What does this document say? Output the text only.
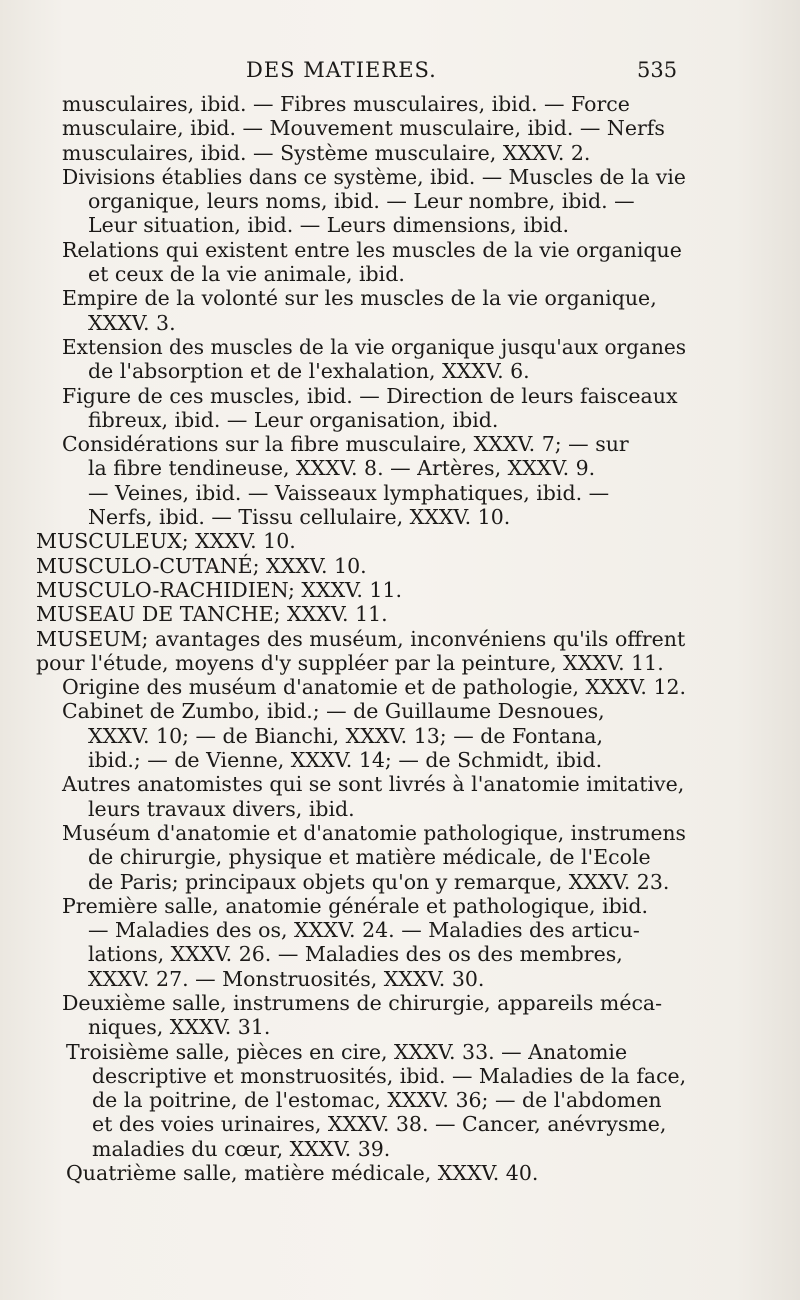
DES MATIERES.	535
musculaires, ibid. — Fibres musculaires, ibid. — Force
musculaire, ibid. — Mouvement musculaire, ibid. — Nerfs
musculaires, ibid. — Système musculaire, XXXV. 2.
Divisions établies dans ce système, ibid. — Muscles de la vie
organique, leurs noms, ibid. — Leur nombre, ibid. —
Leur situation, ibid. — Leurs dimensions, ibid.
Relations qui existent entre les muscles de la vie organique
et ceux de la vie animale, ibid.
Empire de la volonté sur les muscles de la vie organique,
XXXV. 3.
Extension des muscles de la vie organique jusqu'aux organes
de l'absorption et de l'exhalation, XXXV. 6.
Figure de ces muscles, ibid. — Direction de leurs faisceaux
fibreux, ibid. — Leur organisation, ibid.
Considérations sur la fibre musculaire, XXXV. 7; — sur
la fibre tendineuse, XXXV. 8. — Artères, XXXV. 9.
— Veines, ibid. — Vaisseaux lymphatiques, ibid. —
Nerfs, ibid. — Tissu cellulaire, XXXV. 10.
MUSCULEUX; XXXV. 10.
MUSCULO-CUTANÉ; XXXV. 10.
MUSCULO-RACHIDIEN; XXXV. 11.
MUSEAU DE TANCHE; XXXV. 11.
MUSEUM; avantages des muséum, inconvéniens qu'ils offrent
pour l'étude, moyens d'y suppléer par la peinture, XXXV. 11.
Origine des muséum d'anatomie et de pathologie, XXXV. 12.
Cabinet de Zumbo, ibid.; — de Guillaume Desnoues,
XXXV. 10; — de Bianchi, XXXV. 13; — de Fontana,
ibid.; — de Vienne, XXXV. 14; — de Schmidt, ibid.
Autres anatomistes qui se sont livrés à l'anatomie imitative,
leurs travaux divers, ibid.
Muséum d'anatomie et d'anatomie pathologique, instrumens
de chirurgie, physique et matière médicale, de l'Ecole
de Paris; principaux objets qu'on y remarque, XXXV. 23.
Première salle, anatomie générale et pathologique, ibid.
— Maladies des os, XXXV. 24. — Maladies des articu-
lations, XXXV. 26. — Maladies des os des membres,
XXXV. 27. — Monstruosités, XXXV. 30.
Deuxième salle, instrumens de chirurgie, appareils méca-
niques, XXXV. 31.
Troisième salle, pièces en cire, XXXV. 33. — Anatomie
descriptive et monstruosités, ibid. — Maladies de la face,
de la poitrine, de l'estomac, XXXV. 36; — de l'abdomen
et des voies urinaires, XXXV. 38. — Cancer, anévrysme,
maladies du cœur, XXXV. 39.
Quatrième salle, matière médicale, XXXV. 40.
